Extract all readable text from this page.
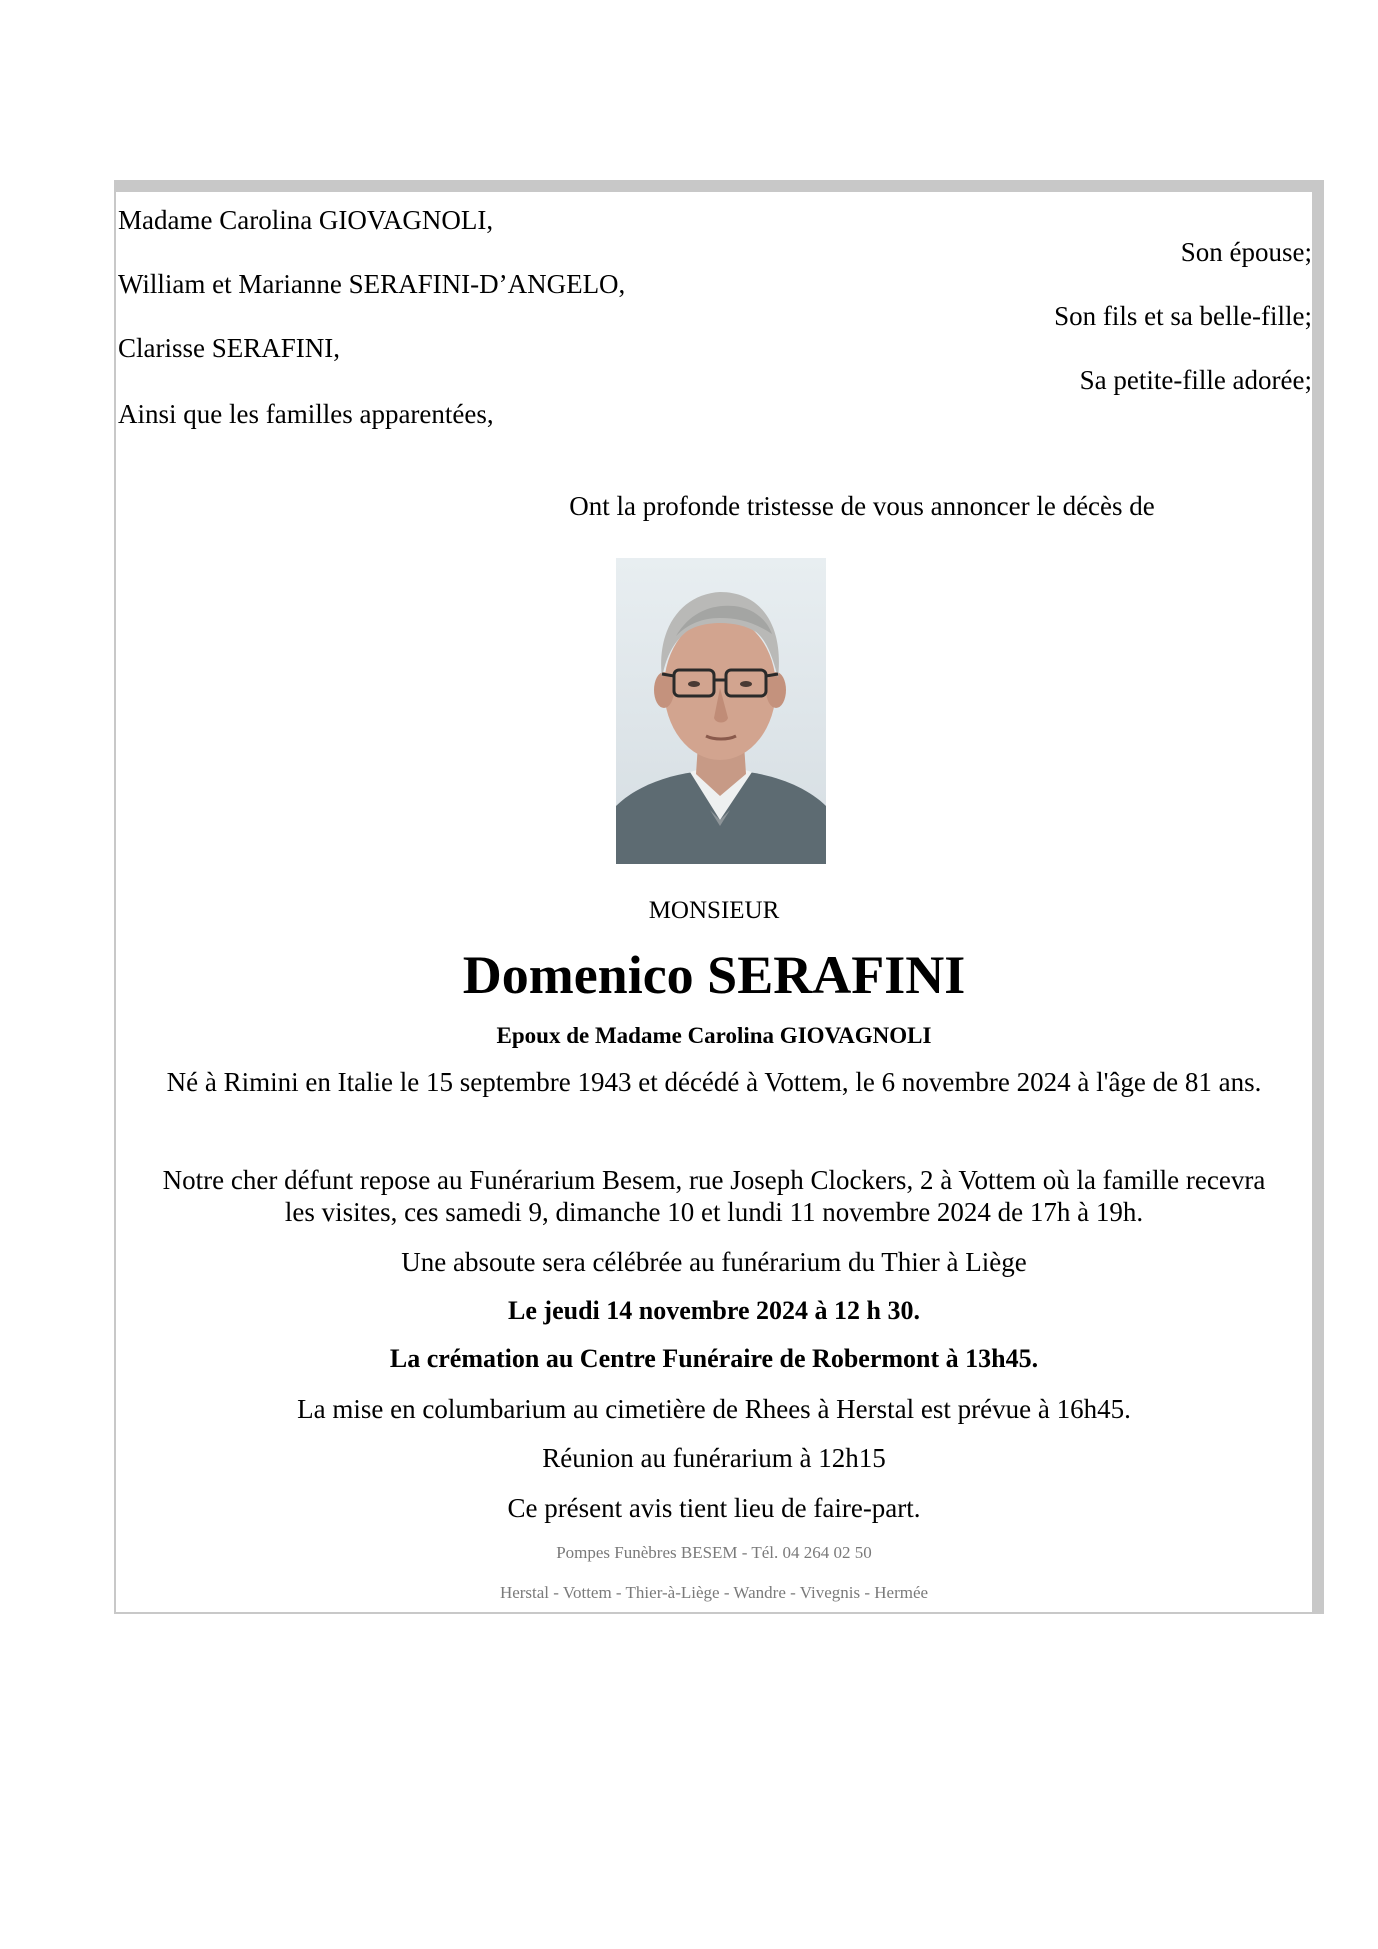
Madame Carolina GIOVAGNOLI,
Son épouse;
William et Marianne SERAFINI-D’ANGELO,
Son fils et sa belle-fille;
Clarisse SERAFINI,
Sa petite-fille adorée;
Ainsi que les familles apparentées,
Ont la profonde tristesse de vous annoncer le décès de
MONSIEUR
Domenico SERAFINI
Epoux de Madame Carolina GIOVAGNOLI
Né à Rimini en Italie le 15 septembre 1943 et décédé à Vottem, le 6 novembre 2024 à l'âge de 81 ans.
Notre cher défunt repose au Funérarium Besem, rue Joseph Clockers, 2 à Vottem où la famille recevra
les visites, ces samedi 9, dimanche 10 et lundi 11 novembre 2024 de 17h à 19h.
Une absoute sera célébrée au funérarium du Thier à Liège
Le jeudi 14 novembre 2024 à 12 h 30.
La crémation au Centre Funéraire de Robermont à 13h45.
La mise en columbarium au cimetière de Rhees à Herstal est prévue à 16h45.
Réunion au funérarium à 12h15
Ce présent avis tient lieu de faire-part.
Pompes Funèbres BESEM - Tél. 04 264 02 50
Herstal - Vottem - Thier-à-Liège - Wandre - Vivegnis - Hermée
